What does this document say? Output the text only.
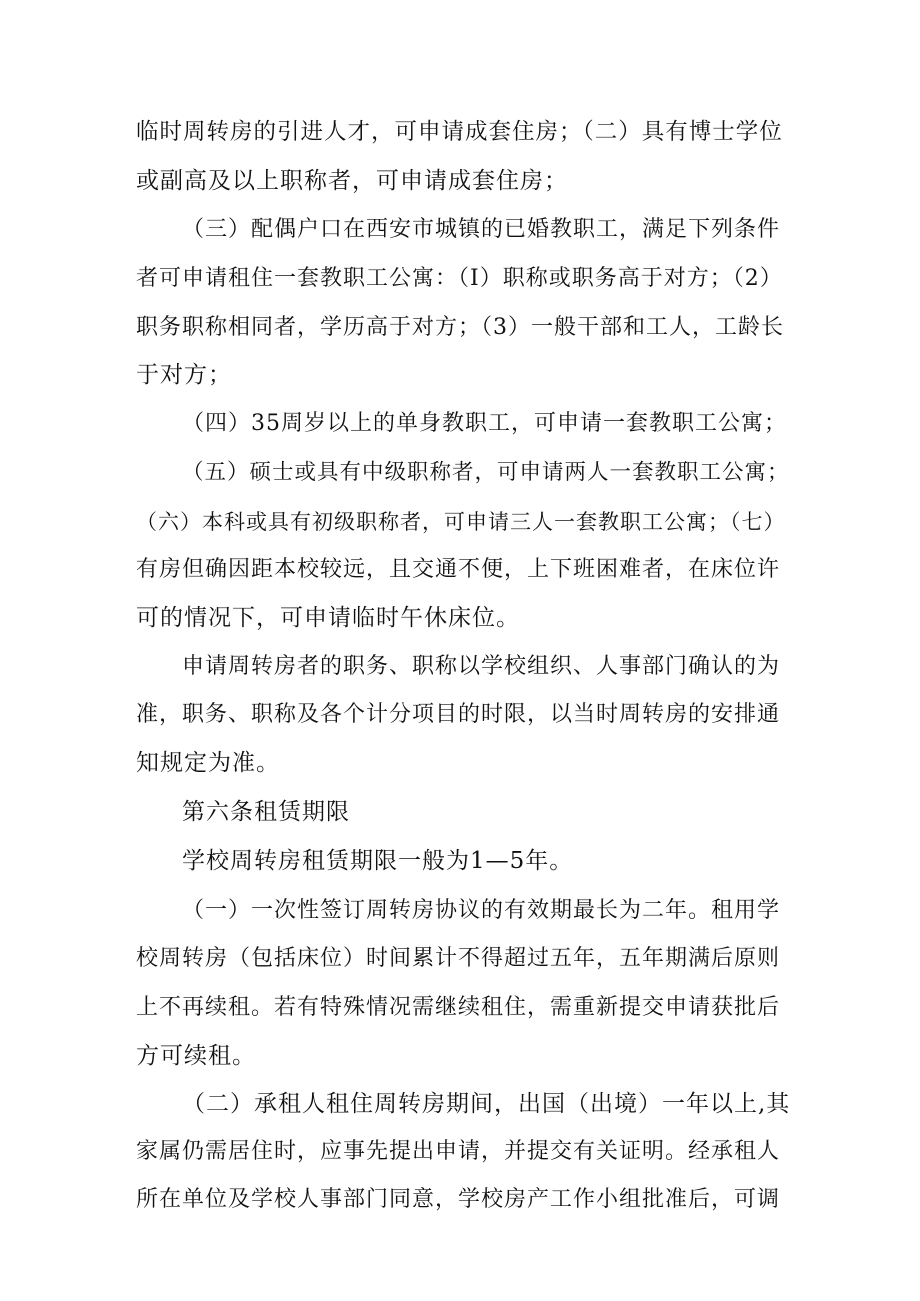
临时周转房的引进人才，可申请成套住房；（二）具有博士学位
或副高及以上职称者，可申请成套住房；
（三）配偶户口在西安市城镇的已婚教职工，满足下列条件
者可申请租住一套教职工公寓：（I）职称或职务高于对方；（2）
职务职称相同者，学历高于对方；（3）一般干部和工人，工龄长
于对方；
（四）35周岁以上的单身教职工，可申请一套教职工公寓；
（五）硕士或具有中级职称者，可申请两人一套教职工公寓；
（六）本科或具有初级职称者，可申请三人一套教职工公寓；（七）
有房但确因距本校较远，且交通不便，上下班困难者，在床位许
可的情况下，可申请临时午休床位。
申请周转房者的职务、职称以学校组织、人事部门确认的为
准，职务、职称及各个计分项目的时限，以当时周转房的安排通
知规定为准。
第六条租赁期限
学校周转房租赁期限一般为1—5年。
（一）一次性签订周转房协议的有效期最长为二年。租用学
校周转房（包括床位）时间累计不得超过五年，五年期满后原则
上不再续租。若有特殊情况需继续租住，需重新提交申请获批后
方可续租。
（二）承租人租住周转房期间，出国（出境）一年以上,其
家属仍需居住时，应事先提出申请，并提交有关证明。经承租人
所在单位及学校人事部门同意，学校房产工作小组批准后，可调
